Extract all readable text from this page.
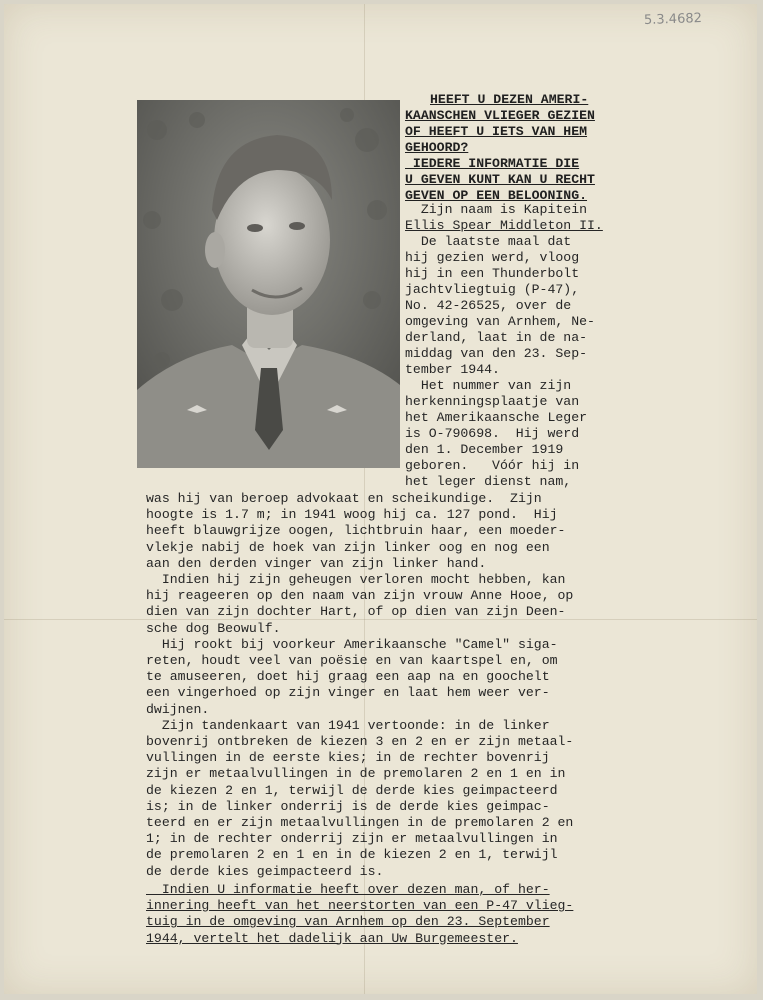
5.3.4682
HEEFT U DEZEN AMERI-
KAANSCHEN VLIEGER GEZIEN
OF HEEFT U IETS VAN HEM
GEHOORD?
IEDERE INFORMATIE DIE
U GEVEN KUNT KAN U RECHT
GEVEN OP EEN BELOONING.
Zijn naam is Kapitein
Ellis Spear Middleton II.
De laatste maal dat
hij gezien werd, vloog
hij in een Thunderbolt
jachtvliegtuig (P-47),
No. 42-26525, over de
omgeving van Arnhem, Ne-
derland, laat in de na-
middag van den 23. Sep-
tember 1944.
Het nummer van zijn
herkenningsplaatje van
het Amerikaansche Leger
is O-790698.  Hij werd
den 1. December 1919
geboren.   Vóór hij in
het leger dienst nam,
was hij van beroep advokaat en scheikundige.  Zijn
hoogte is 1.7 m; in 1941 woog hij ca. 127 pond.  Hij
heeft blauwgrijze oogen, lichtbruin haar, een moeder-
vlekje nabij de hoek van zijn linker oog en nog een
aan den derden vinger van zijn linker hand.
Indien hij zijn geheugen verloren mocht hebben, kan
hij reageeren op den naam van zijn vrouw Anne Hooe, op
dien van zijn dochter Hart, of op dien van zijn Deen-
sche dog Beowulf.
Hij rookt bij voorkeur Amerikaansche "Camel" siga-
reten, houdt veel van poësie en van kaartspel en, om
te amuseeren, doet hij graag een aap na en goochelt
een vingerhoed op zijn vinger en laat hem weer ver-
dwijnen.
Zijn tandenkaart van 1941 vertoonde: in de linker
bovenrij ontbreken de kiezen 3 en 2 en er zijn metaal-
vullingen in de eerste kies; in de rechter bovenrij
zijn er metaalvullingen in de premolaren 2 en 1 en in
de kiezen 2 en 1, terwijl de derde kies geimpacteerd
is; in de linker onderrij is de derde kies geimpac-
teerd en er zijn metaalvullingen in de premolaren 2 en
1; in de rechter onderrij zijn er metaalvullingen in
de premolaren 2 en 1 en in de kiezen 2 en 1, terwijl
de derde kies geimpacteerd is.
Indien U informatie heeft over dezen man, of her-
innering heeft van het neerstorten van een P-47 vlieg-
tuig in de omgeving van Arnhem op den 23. September
1944, vertelt het dadelijk aan Uw Burgemeester.
